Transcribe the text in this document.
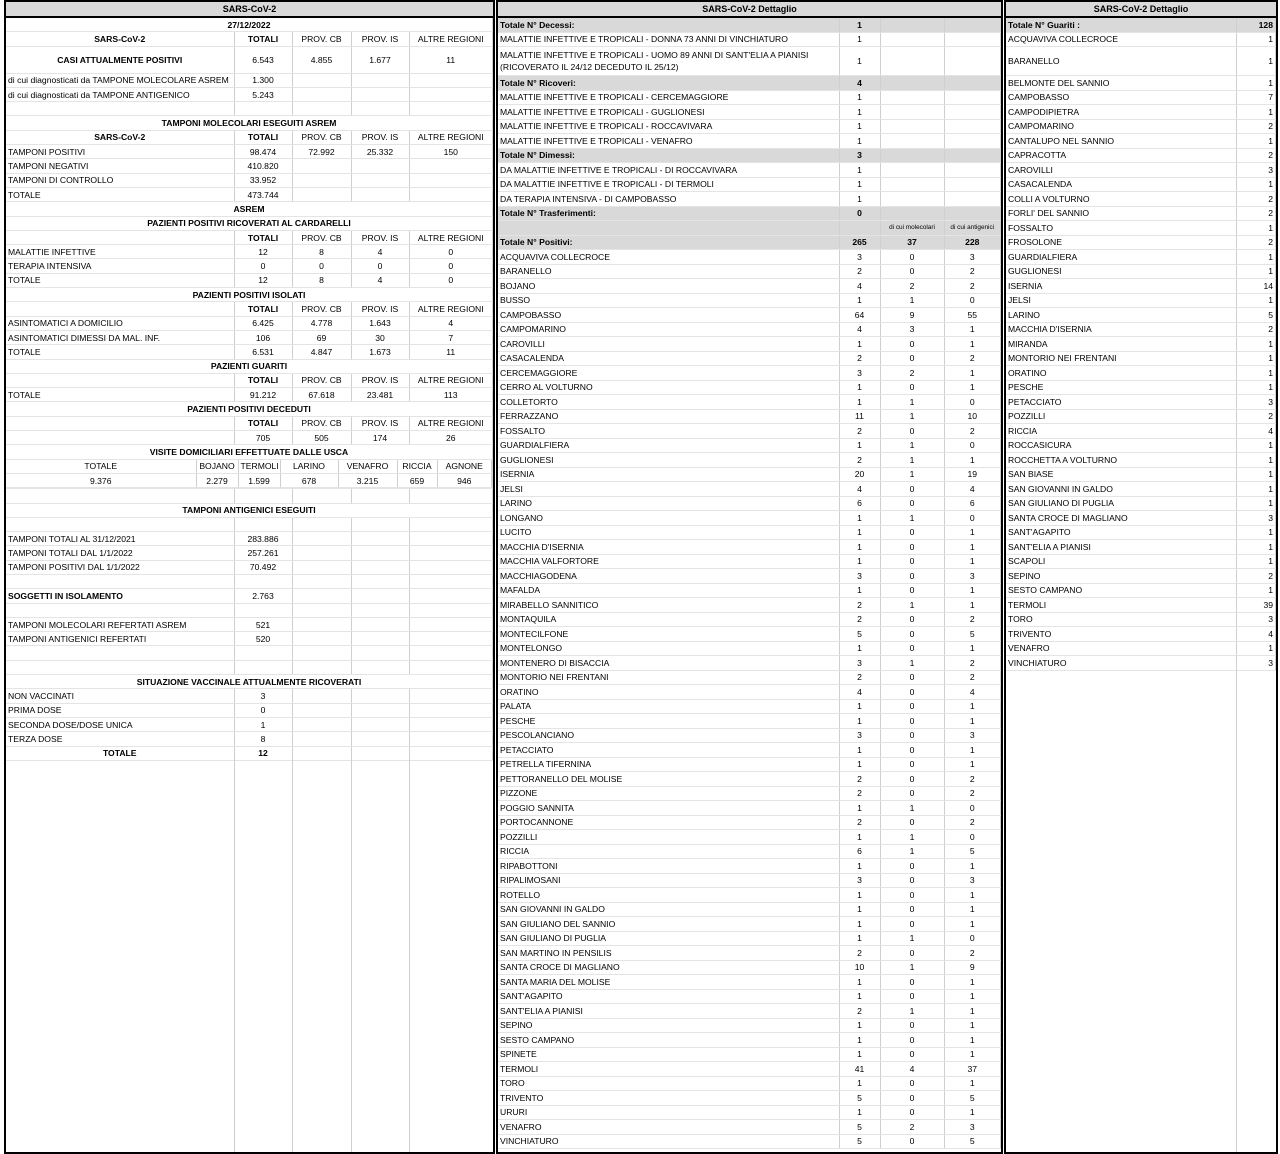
SARS-CoV-2
27/12/2022
SARS-CoV-2	TOTALI	PROV. CB	PROV. IS	ALTRE REGIONI
CASI ATTUALMENTE POSITIVI	6.543	4.855	1.677	11
di cui diagnosticati da TAMPONE MOLECOLARE ASREM	1.300			
di cui diagnosticati da TAMPONE ANTIGENICO	5.243			

TAMPONI MOLECOLARI ESEGUITI ASREM
SARS-CoV-2	TOTALI	PROV. CB	PROV. IS	ALTRE REGIONI
TAMPONI POSITIVI	98.474	72.992	25.332	150
TAMPONI NEGATIVI	410.820			
TAMPONI DI CONTROLLO	33.952			
TOTALE	473.744			
ASREM
PAZIENTI POSITIVI RICOVERATI AL CARDARELLI
	TOTALI	PROV. CB	PROV. IS	ALTRE REGIONI
MALATTIE INFETTIVE	12	8	4	0
TERAPIA INTENSIVA	0	0	0	0
TOTALE	12	8	4	0
PAZIENTI POSITIVI ISOLATI
	TOTALI	PROV. CB	PROV. IS	ALTRE REGIONI
ASINTOMATICI A DOMICILIO	6.425	4.778	1.643	4
ASINTOMATICI DIMESSI DA MAL. INF.	106	69	30	7
TOTALE	6.531	4.847	1.673	11
PAZIENTI GUARITI
	TOTALI	PROV. CB	PROV. IS	ALTRE REGIONI
TOTALE	91.212	67.618	23.481	113
PAZIENTI POSITIVI DECEDUTI
	TOTALI	PROV. CB	PROV. IS	ALTRE REGIONI
	705	505	174	26
VISITE DOMICILIARI EFFETTUATE DALLE USCA

TOTALE	BOJANO	TERMOLI	LARINO	VENAFRO	RICCIA	AGNONE
9.376	2.279	1.599	678	3.215	659	946

TAMPONI ANTIGENICI ESEGUITI

TAMPONI TOTALI AL 31/12/2021	283.886			
TAMPONI TOTALI DAL 1/1/2022	257.261			
TAMPONI POSITIVI DAL 1/1/2022	70.492			

SOGGETTI IN ISOLAMENTO	2.763			

TAMPONI MOLECOLARI REFERTATI ASREM	521			
TAMPONI ANTIGENICI REFERTATI	520			

SITUAZIONE VACCINALE ATTUALMENTE RICOVERATI
NON VACCINATI	3			
PRIMA DOSE	0			
SECONDA DOSE/DOSE UNICA	1			
TERZA DOSE	8			
TOTALE	12			
SARS-CoV-2 Dettaglio
Totale N° Decessi:	1		
MALATTIE INFETTIVE E TROPICALI - DONNA 73 ANNI DI VINCHIATURO	1		
MALATTIE INFETTIVE E TROPICALI - UOMO 89 ANNI DI SANT'ELIA A PIANISI (RICOVERATO IL 24/12 DECEDUTO IL 25/12)	1		
Totale N° Ricoveri:	4		
MALATTIE INFETTIVE E TROPICALI - CERCEMAGGIORE	1		
MALATTIE INFETTIVE E TROPICALI - GUGLIONESI	1		
MALATTIE INFETTIVE E TROPICALI - ROCCAVIVARA	1		
MALATTIE INFETTIVE E TROPICALI - VENAFRO	1		
Totale N° Dimessi:	3		
DA MALATTIE INFETTIVE E TROPICALI - DI ROCCAVIVARA	1		
DA MALATTIE INFETTIVE E TROPICALI - DI TERMOLI	1		
DA TERAPIA INTENSIVA - DI CAMPOBASSO	1		
Totale N° Trasferimenti:	0		
		di cui molecolari	di cui antigenici
Totale N° Positivi:	265	37	228
ACQUAVIVA COLLECROCE	3	0	3
BARANELLO	2	0	2
BOJANO	4	2	2
BUSSO	1	1	0
CAMPOBASSO	64	9	55
CAMPOMARINO	4	3	1
CAROVILLI	1	0	1
CASACALENDA	2	0	2
CERCEMAGGIORE	3	2	1
CERRO AL VOLTURNO	1	0	1
COLLETORTO	1	1	0
FERRAZZANO	11	1	10
FOSSALTO	2	0	2
GUARDIALFIERA	1	1	0
GUGLIONESI	2	1	1
ISERNIA	20	1	19
JELSI	4	0	4
LARINO	6	0	6
LONGANO	1	1	0
LUCITO	1	0	1
MACCHIA D'ISERNIA	1	0	1
MACCHIA VALFORTORE	1	0	1
MACCHIAGODENA	3	0	3
MAFALDA	1	0	1
MIRABELLO SANNITICO	2	1	1
MONTAQUILA	2	0	2
MONTECILFONE	5	0	5
MONTELONGO	1	0	1
MONTENERO DI BISACCIA	3	1	2
MONTORIO NEI FRENTANI	2	0	2
ORATINO	4	0	4
PALATA	1	0	1
PESCHE	1	0	1
PESCOLANCIANO	3	0	3
PETACCIATO	1	0	1
PETRELLA TIFERNINA	1	0	1
PETTORANELLO DEL MOLISE	2	0	2
PIZZONE	2	0	2
POGGIO SANNITA	1	1	0
PORTOCANNONE	2	0	2
POZZILLI	1	1	0
RICCIA	6	1	5
RIPABOTTONI	1	0	1
RIPALIMOSANI	3	0	3
ROTELLO	1	0	1
SAN GIOVANNI IN GALDO	1	0	1
SAN GIULIANO DEL SANNIO	1	0	1
SAN GIULIANO DI PUGLIA	1	1	0
SAN MARTINO IN PENSILIS	2	0	2
SANTA CROCE DI MAGLIANO	10	1	9
SANTA MARIA DEL MOLISE	1	0	1
SANT'AGAPITO	1	0	1
SANT'ELIA A PIANISI	2	1	1
SEPINO	1	0	1
SESTO CAMPANO	1	0	1
SPINETE	1	0	1
TERMOLI	41	4	37
TORO	1	0	1
TRIVENTO	5	0	5
URURI	1	0	1
VENAFRO	5	2	3
VINCHIATURO	5	0	5
SARS-CoV-2 Dettaglio
Totale N° Guariti :	128
ACQUAVIVA COLLECROCE	1
BARANELLO	1
BELMONTE DEL SANNIO	1
CAMPOBASSO	7
CAMPODIPIETRA	1
CAMPOMARINO	2
CANTALUPO NEL SANNIO	1
CAPRACOTTA	2
CAROVILLI	3
CASACALENDA	1
COLLI A VOLTURNO	2
FORLI' DEL SANNIO	2
FOSSALTO	1
FROSOLONE	2
GUARDIALFIERA	1
GUGLIONESI	1
ISERNIA	14
JELSI	1
LARINO	5
MACCHIA D'ISERNIA	2
MIRANDA	1
MONTORIO NEI FRENTANI	1
ORATINO	1
PESCHE	1
PETACCIATO	3
POZZILLI	2
RICCIA	4
ROCCASICURA	1
ROCCHETTA A VOLTURNO	1
SAN BIASE	1
SAN GIOVANNI IN GALDO	1
SAN GIULIANO DI PUGLIA	1
SANTA CROCE DI MAGLIANO	3
SANT'AGAPITO	1
SANT'ELIA A PIANISI	1
SCAPOLI	1
SEPINO	2
SESTO CAMPANO	1
TERMOLI	39
TORO	3
TRIVENTO	4
VENAFRO	1
VINCHIATURO	3
